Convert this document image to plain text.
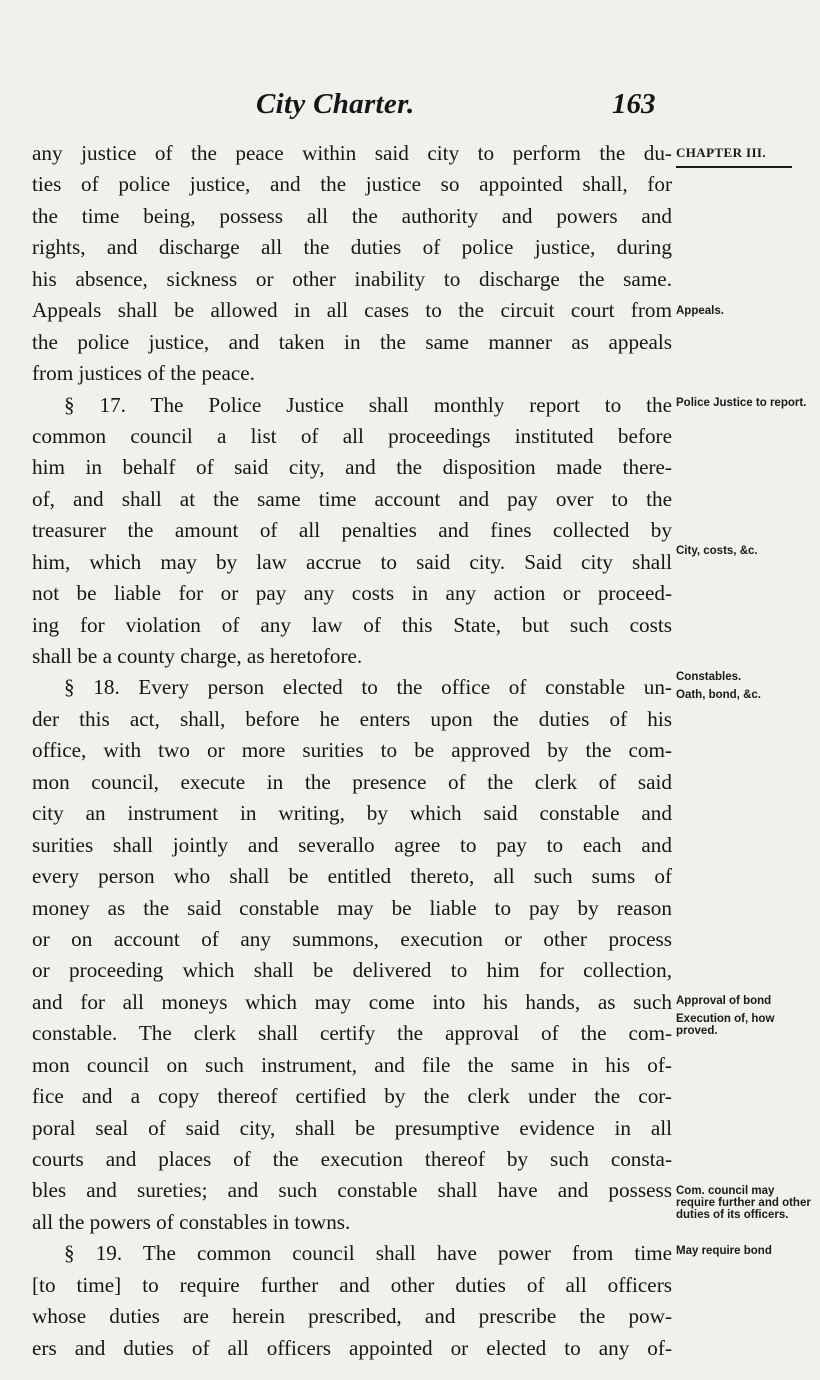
City Charter.	163
any justice of the peace within said city to perform the du-
ties of police justice, and the justice so appointed shall, for
the time being, possess all the authority and powers and
rights, and discharge all the duties of police justice, during
his absence, sickness or other inability to discharge the same.
Appeals shall be allowed in all cases to the circuit court from
the police justice, and taken in the same manner as appeals
from justices of the peace.
§ 17. The Police Justice shall monthly report to the
common council a list of all proceedings instituted before
him in behalf of said city, and the disposition made there-
of, and shall at the same time account and pay over to the
treasurer the amount of all penalties and fines collected by
him, which may by law accrue to said city. Said city shall
not be liable for or pay any costs in any action or proceed-
ing for violation of any law of this State, but such costs
shall be a county charge, as heretofore.
§ 18. Every person elected to the office of constable un-
der this act, shall, before he enters upon the duties of his
office, with two or more surities to be approved by the com-
mon council, execute in the presence of the clerk of said
city an instrument in writing, by which said constable and
surities shall jointly and severallo agree to pay to each and
every person who shall be entitled thereto, all such sums of
money as the said constable may be liable to pay by reason
or on account of any summons, execution or other process
or proceeding which shall be delivered to him for collection,
and for all moneys which may come into his hands, as such
constable. The clerk shall certify the approval of the com-
mon council on such instrument, and file the same in his of-
fice and a copy thereof certified by the clerk under the cor-
poral seal of said city, shall be presumptive evidence in all
courts and places of the execution thereof by such consta-
bles and sureties; and such constable shall have and possess
all the powers of constables in towns.
§ 19. The common council shall have power from time
[to time] to require further and other duties of all officers
whose duties are herein prescribed, and prescribe the pow-
ers and duties of all officers appointed or elected to any of-
CHAPTER III.
Appeals.
Police Justice to report.
City, costs, &c.
Constables.
Oath, bond, &c.
Approval of bond
Execution of, how proved.
Com. council may require further and other duties of its officers.
May require bond
